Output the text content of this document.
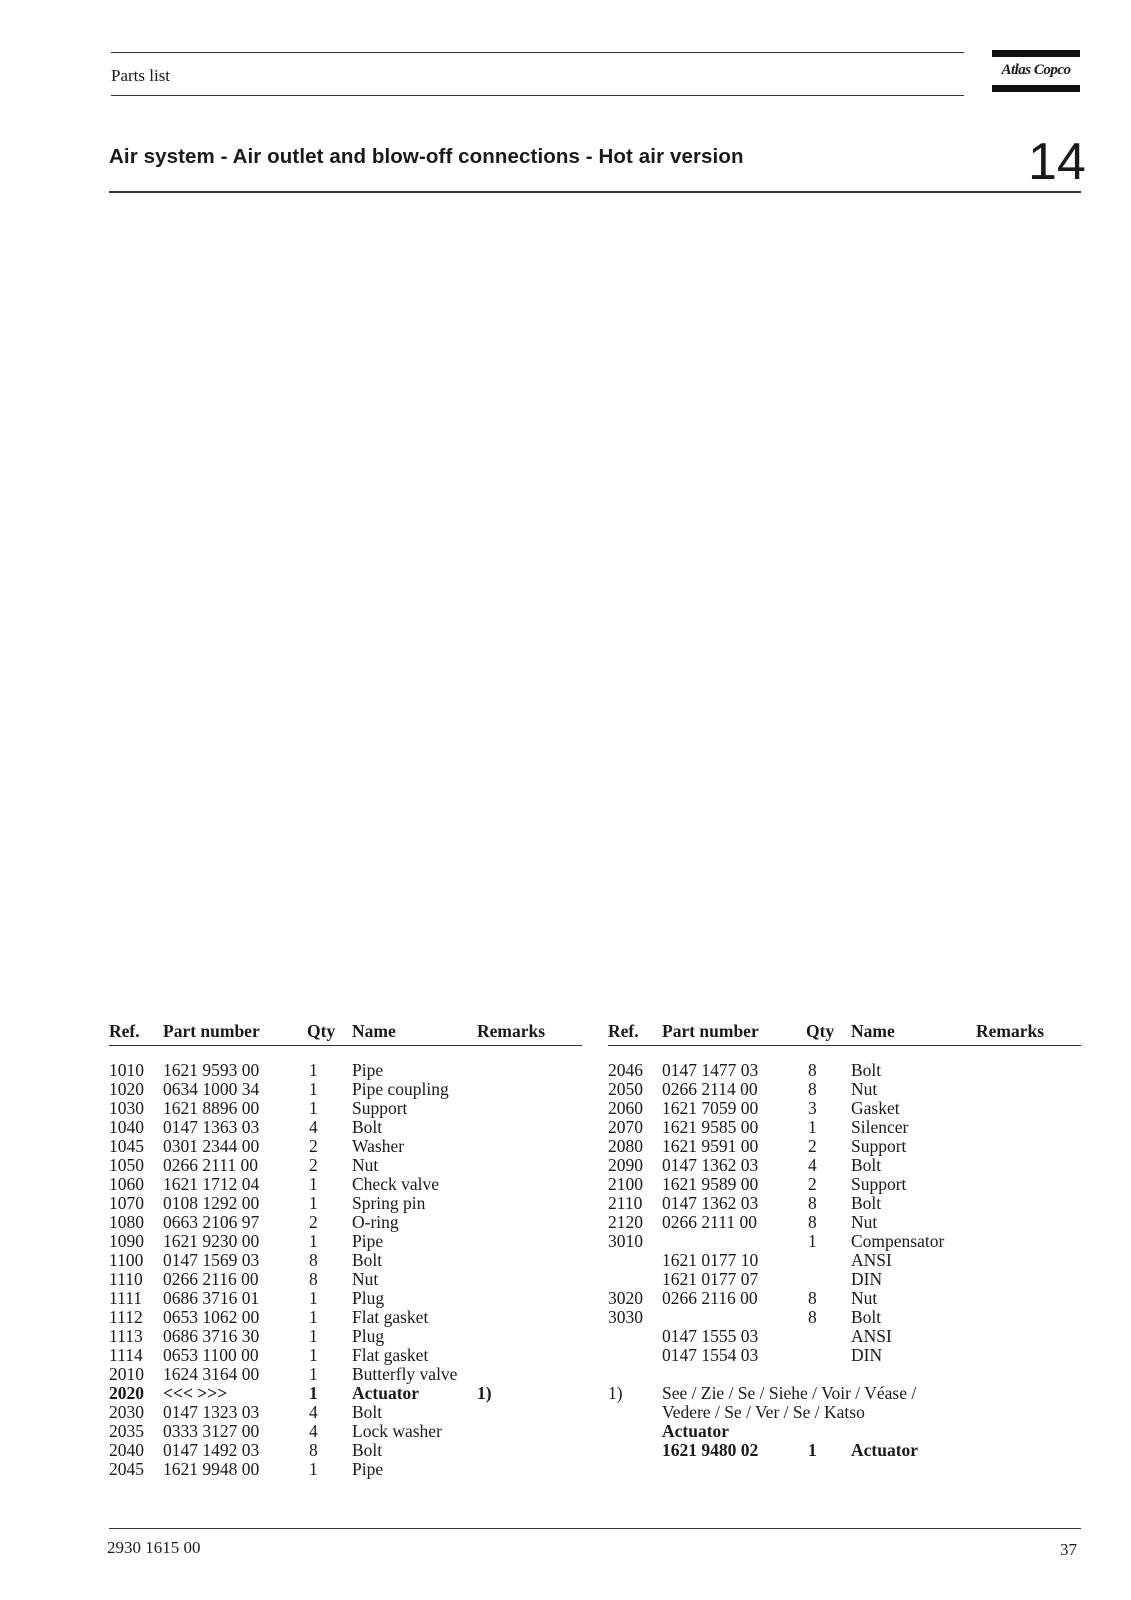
Parts list	Atlas Copco
Air system - Air outlet and blow-off connections - Hot air version	14
Ref. Part number	Qty Name	Remarks
1010 1621 9593 00	1 Pipe
1020 0634 1000 34	1 Pipe coupling
1030 1621 8896 00	1 Support
1040 0147 1363 03	4 Bolt
1045 0301 2344 00	2 Washer
1050 0266 2111 00	2 Nut
1060 1621 1712 04	1 Check valve
1070 0108 1292 00	1 Spring pin
1080 0663 2106 97	2 O-ring
1090 1621 9230 00	1 Pipe
1100 0147 1569 03	8 Bolt
1110 0266 2116 00	8 Nut
1111 0686 3716 01	1 Plug
1112 0653 1062 00	1 Flat gasket
1113 0686 3716 30	1 Plug
1114 0653 1100 00	1 Flat gasket
2010 1624 3164 00	1 Butterfly valve
2020 <<< >>>	1 Actuator	1)
2030 0147 1323 03	4 Bolt
2035 0333 3127 00	4 Lock washer
2040 0147 1492 03	8 Bolt
2045 1621 9948 00	1 Pipe
Ref. Part number	Qty Name	Remarks
2046 0147 1477 03	8 Bolt
2050 0266 2114 00	8 Nut
2060 1621 7059 00	3 Gasket
2070 1621 9585 00	1 Silencer
2080 1621 9591 00	2 Support
2090 0147 1362 03	4 Bolt
2100 1621 9589 00	2 Support
2110 0147 1362 03	8 Bolt
2120 0266 2111 00	8 Nut
3010	1 Compensator
1621 0177 10	ANSI
1621 0177 07	DIN
3020 0266 2116 00	8 Nut
3030	8 Bolt
0147 1555 03	ANSI
0147 1554 03	DIN
1) See / Zie / Se / Siehe / Voir / Véase /
Vedere / Se / Ver / Se / Katso
Actuator
1621 9480 02	1 Actuator
2930 1615 00	37
